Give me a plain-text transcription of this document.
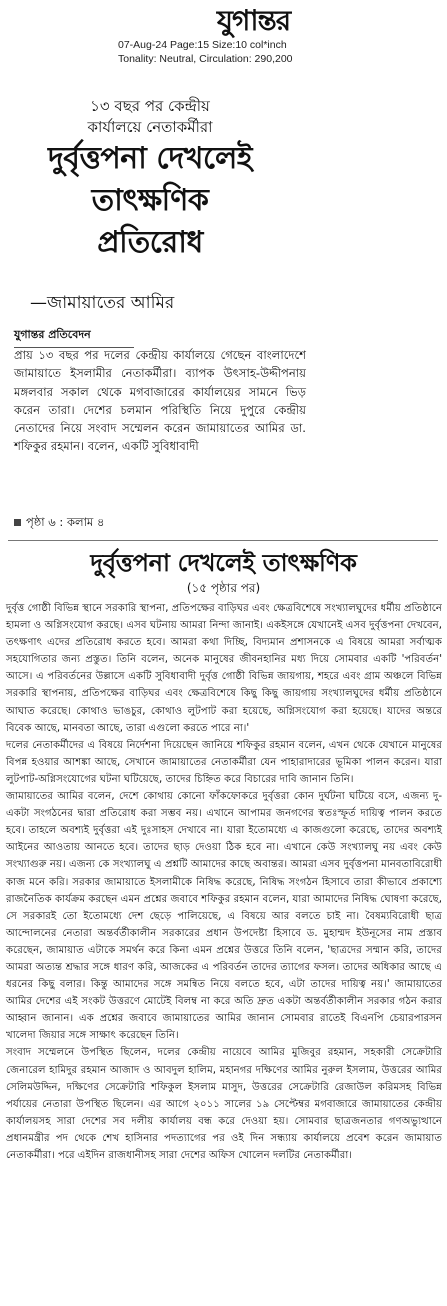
যুগান্তর
07-Aug-24 Page:15 Size:10 col*inch
Tonality: Neutral, Circulation: 290,200
১৩ বছর পর কেন্দ্রীয়
কার্যালয়ে নেতাকর্মীরা
দুর্বৃত্তপনা দেখলেই
তাৎক্ষণিক
প্রতিরোধ
—জামায়াতের আমির
যুগান্তর প্রতিবেদন
প্রায় ১৩ বছর পর দলের কেন্দ্রীয় কার্যালয়ে গেছেন বাংলাদেশে জামায়াতে ইসলামীর নেতাকর্মীরা। ব্যাপক উৎসাহ-উদ্দীপনায় মঙ্গলবার সকাল থেকে মগবাজারের কার্যালয়ের সামনে ভিড় করেন তারা। দেশের চলমান পরিস্থিতি নিয়ে দুপুরে কেন্দ্রীয় নেতাদের নিয়ে সংবাদ সম্মেলন করেন জামায়াতের আমির ডা. শফিকুর রহমান। বলেন, একটি সুবিধাবাদী
পৃষ্ঠা ৬ : কলাম ৪
দুর্বৃত্তপনা দেখলেই তাৎক্ষণিক
(১৫ পৃষ্ঠার পর)

দুর্বৃত্ত গোষ্ঠী বিভিন্ন স্থানে সরকারি স্থাপনা, প্রতিপক্ষের বাড়িঘর এবং ক্ষেত্রবিশেষে সংখ্যালঘুদের ধর্মীয় প্রতিষ্ঠানে হামলা ও অগ্নিসংযোগ করছে। এসব ঘটনায় আমরা নিন্দা জানাই। একইসঙ্গে যেখানেই এসব দুর্বৃত্তপনা দেখবেন, তৎক্ষণাৎ এদের প্রতিরোধ করতে হবে। আমরা কথা দিচ্ছি, বিদ্যমান প্রশাসনকে এ বিষয়ে আমরা সর্বাত্মক সহযোগিতার জন্য প্রস্তুত। তিনি বলেন, অনেক মানুষের জীবনহানির মধ্য দিয়ে সোমবার একটি 'পরিবর্তন' আসে। এ পরিবর্তনের উল্লাসে একটি সুবিধাবাদী দুর্বৃত্ত গোষ্ঠী বিভিন্ন জায়গায়, শহরে এবং গ্রাম অঞ্চলে বিভিন্ন সরকারি স্থাপনায়, প্রতিপক্ষের বাড়িঘর এবং ক্ষেত্রবিশেষে কিছু কিছু জায়গায় সংখ্যালঘুদের ধর্মীয় প্রতিষ্ঠানে আঘাত করেছে। কোথাও ভাঙচুর, কোথাও লুটপাট করা হয়েছে, অগ্নিসংযোগ করা হয়েছে। যাদের অন্তরে বিবেক আছে, মানবতা আছে, তারা এগুলো করতে পারে না।'

দলের নেতাকর্মীদের এ বিষয়ে নির্দেশনা দিয়েছেন জানিয়ে শফিকুর রহমান বলেন, এখন থেকে যেখানে মানুষের বিপন্ন হওয়ার আশঙ্কা আছে, সেখানে জামায়াতের নেতাকর্মীরা যেন পাহারাদারের ভূমিকা পালন করেন। যারা লুটপাট-অগ্নিসংযোগের ঘটনা ঘটিয়েছে, তাদের চিহ্নিত করে বিচারের দাবি জানান তিনি।

জামায়াতের আমির বলেন, দেশে কোথায় কোনো ফাঁকফোকরে দুর্বৃত্তরা কোন দুর্ঘটনা ঘটিয়ে বসে, এজন্য দু-একটা সংগঠনের দ্বারা প্রতিরোধ করা সম্ভব নয়। এখানে আপামর জনগণের স্বতঃস্ফূর্ত দায়িত্ব পালন করতে হবে। তাহলে অবশ্যই দুর্বৃত্তরা এই দুঃসাহস দেখাবে না। যারা ইতোমধ্যে এ কাজগুলো করেছে, তাদের অবশ্যই আইনের আওতায় আনতে হবে। তাদের ছাড় দেওয়া ঠিক হবে না। এখানে কেউ সংখ্যালঘু নয় এবং কেউ সংখ্যাগুরু নয়। এজন্য কে সংখ্যালঘু এ প্রশ্নটি আমাদের কাছে অবান্তর। আমরা এসব দুর্বৃত্তপনা মানবতাবিরোধী কাজ মনে করি। সরকার জামায়াতে ইসলামীকে নিষিদ্ধ করেছে, নিষিদ্ধ সংগঠন হিসাবে তারা কীভাবে প্রকাশ্যে রাজনৈতিক কার্যক্রম করছেন এমন প্রশ্নের জবাবে শফিকুর রহমান বলেন, যারা আমাদের নিষিদ্ধ ঘোষণা করেছে, সে সরকারই তো ইতোমধ্যে দেশ ছেড়ে পালিয়েছে, এ বিষয়ে আর বলতে চাই না। বৈষম্যবিরোধী ছাত্র আন্দোলনের নেতারা অন্তর্বর্তীকালীন সরকারের প্রধান উপদেষ্টা হিসাবে ড. মুহাম্মদ ইউনূসের নাম প্রস্তাব করেছেন, জামায়াত এটাকে সমর্থন করে কিনা এমন প্রশ্নের উত্তরে তিনি বলেন, 'ছাত্রদের সম্মান করি, তাদের আমরা অত্যন্ত শ্রদ্ধার সঙ্গে ধারণ করি, আজকের এ পরিবর্তন তাদের ত্যাগের ফসল। তাদের অধিকার আছে এ ধরনের কিছু বলার। কিন্তু আমাদের সঙ্গে সমন্বিত নিয়ে বলতে হবে, এটা তাদের দায়িত্ব নয়।' জামায়াতের আমির দেশের এই সংকট উত্তরণে মোটেই বিলম্ব না করে অতি দ্রুত একটা অন্তর্বর্তীকালীন সরকার গঠন করার আহ্বান জানান। এক প্রশ্নের জবাবে জামায়াতের আমির জানান সোমবার রাতেই বিএনপি চেয়ারপারসন খালেদা জিয়ার সঙ্গে সাক্ষাৎ করেছেন তিনি।

সংবাদ সম্মেলনে উপস্থিত ছিলেন, দলের কেন্দ্রীয় নায়েবে আমির মুজিবুর রহমান, সহকারী সেক্রেটারি জেনারেল হামিদুর রহমান আজাদ ও আবদুল হালিম, মহানগর দক্ষিণের আমির নুরুল ইসলাম, উত্তরের আমির সেলিমউদ্দিন, দক্ষিণের সেক্রেটারি শফিকুল ইসলাম মাসুদ, উত্তরের সেক্রেটারি রেজাউল করিমসহ বিভিন্ন পর্যায়ের নেতারা উপস্থিত ছিলেন। এর আগে ২০১১ সালের ১৯ সেপ্টেম্বর মগবাজারে জামায়াতের কেন্দ্রীয় কার্যালয়সহ সারা দেশের সব দলীয় কার্যালয় বন্ধ করে দেওয়া হয়। সোমবার ছাত্রজনতার গণঅভ্যুত্থানে প্রধানমন্ত্রীর পদ থেকে শেখ হাসিনার পদত্যাগের পর ওই দিন সন্ধ্যায় কার্যালয়ে প্রবেশ করেন জামায়াত নেতাকর্মীরা। পরে এইদিন রাজধানীসহ সারা দেশের অফিস খোলেন দলটির নেতাকর্মীরা।
